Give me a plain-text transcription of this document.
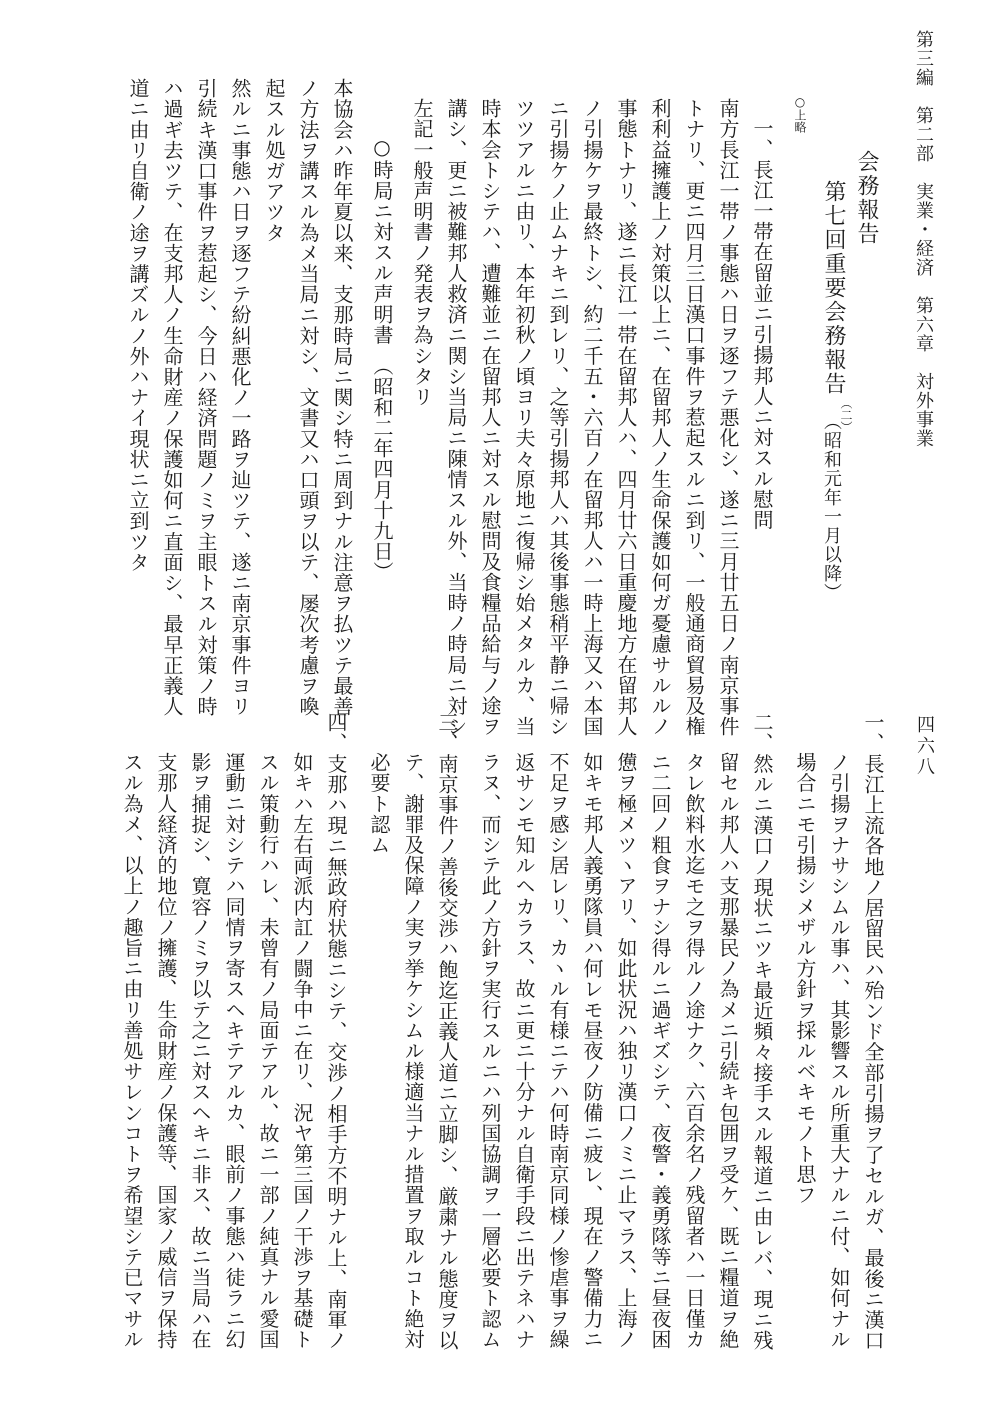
第三編　第二部　実業・経済　第六章　対外事業
四六八
会務報告
第七回重要会務報告
（二）
（昭和元年一月以降）
○上略
一、長江一帯在留並ニ引揚邦人ニ対スル慰問
南方長江一帯ノ事態ハ日ヲ逐フテ悪化シ、遂ニ三月廿五日ノ南京事件
トナリ、更ニ四月三日漢口事件ヲ惹起スルニ到リ、一般通商貿易及権
利利益擁護上ノ対策以上ニ、在留邦人ノ生命保護如何ガ憂慮サルルノ
事態トナリ、遂ニ長江一帯在留邦人ハ、四月廿六日重慶地方在留邦人
ノ引揚ケヲ最終トシ、約二千五・六百ノ在留邦人ハ一時上海又ハ本国
ニ引揚ケノ止ムナキニ到レリ、之等引揚邦人ハ其後事態稍平静ニ帰シ
ツツアルニ由リ、本年初秋ノ頃ヨリ夫々原地ニ復帰シ始メタルカ、当
時本会トシテハ、遭難並ニ在留邦人ニ対スル慰問及食糧品給与ノ途ヲ
講シ、更ニ被難邦人救済ニ関シ当局ニ陳情スル外、当時ノ時局ニ対シ
左記一般声明書ノ発表ヲ為シタリ
○時局ニ対スル声明書　（昭和二年四月十九日）
本協会ハ昨年夏以来、支那時局ニ関シ特ニ周到ナル注意ヲ払ツテ最善
ノ方法ヲ講スル為メ当局ニ対シ、文書又ハ口頭ヲ以テ、屡次考慮ヲ喚
起スル処ガアツタ
然ルニ事態ハ日ヲ逐フテ紛糾悪化ノ一路ヲ辿ツテ、遂ニ南京事件ヨリ
引続キ漢口事件ヲ惹起シ、今日ハ経済問題ノミヲ主眼トスル対策ノ時
ハ過ギ去ツテ、在支邦人ノ生命財産ノ保護如何ニ直面シ、最早正義人
道ニ由リ自衛ノ途ヲ講ズルノ外ハナイ現状ニ立到ツタ
一、長江上流各地ノ居留民ハ殆ンド全部引揚ヲ了セルガ、最後ニ漢口
ノ引揚ヲナサシムル事ハ、其影響スル所重大ナルニ付、如何ナル
場合ニモ引揚シメザル方針ヲ採ルベキモノト思フ
二、然ルニ漢口ノ現状ニツキ最近頻々接手スル報道ニ由レバ、現ニ残
留セル邦人ハ支那暴民ノ為メニ引続キ包囲ヲ受ケ、既ニ糧道ヲ絶
タレ飲料水迄モ之ヲ得ルノ途ナク、六百余名ノ残留者ハ一日僅カ
ニ二回ノ粗食ヲナシ得ルニ過ギズシテ、夜警・義勇隊等ニ昼夜困
憊ヲ極メツヽアリ、如此状況ハ独リ漢口ノミニ止マラス、上海ノ
如キモ邦人義勇隊員ハ何レモ昼夜ノ防備ニ疲レ、現在ノ警備力ニ
不足ヲ感シ居レリ、カヽル有様ニテハ何時南京同様ノ惨虐事ヲ繰
返サンモ知ルヘカラス、故ニ更ニ十分ナル自衛手段ニ出テネハナ
ラヌ、而シテ此ノ方針ヲ実行スルニハ列国協調ヲ一層必要ト認ム
三、南京事件ノ善後交渉ハ飽迄正義人道ニ立脚シ、厳粛ナル態度ヲ以
テ、謝罪及保障ノ実ヲ挙ケシムル様適当ナル措置ヲ取ルコト絶対
必要ト認ム
四、支那ハ現ニ無政府状態ニシテ、交渉ノ相手方不明ナル上、南軍ノ
如キハ左右両派内訌ノ闘争中ニ在リ、況ヤ第三国ノ干渉ヲ基礎ト
スル策動行ハレ、未曾有ノ局面テアル、故ニ一部ノ純真ナル愛国
運動ニ対シテハ同情ヲ寄スヘキテアルカ、眼前ノ事態ハ徒ラニ幻
影ヲ捕捉シ、寛容ノミヲ以テ之ニ対スヘキニ非ス、故ニ当局ハ在
支那人経済的地位ノ擁護、生命財産ノ保護等、国家ノ威信ヲ保持
スル為メ、以上ノ趣旨ニ由リ善処サレンコトヲ希望シテ已マサル
